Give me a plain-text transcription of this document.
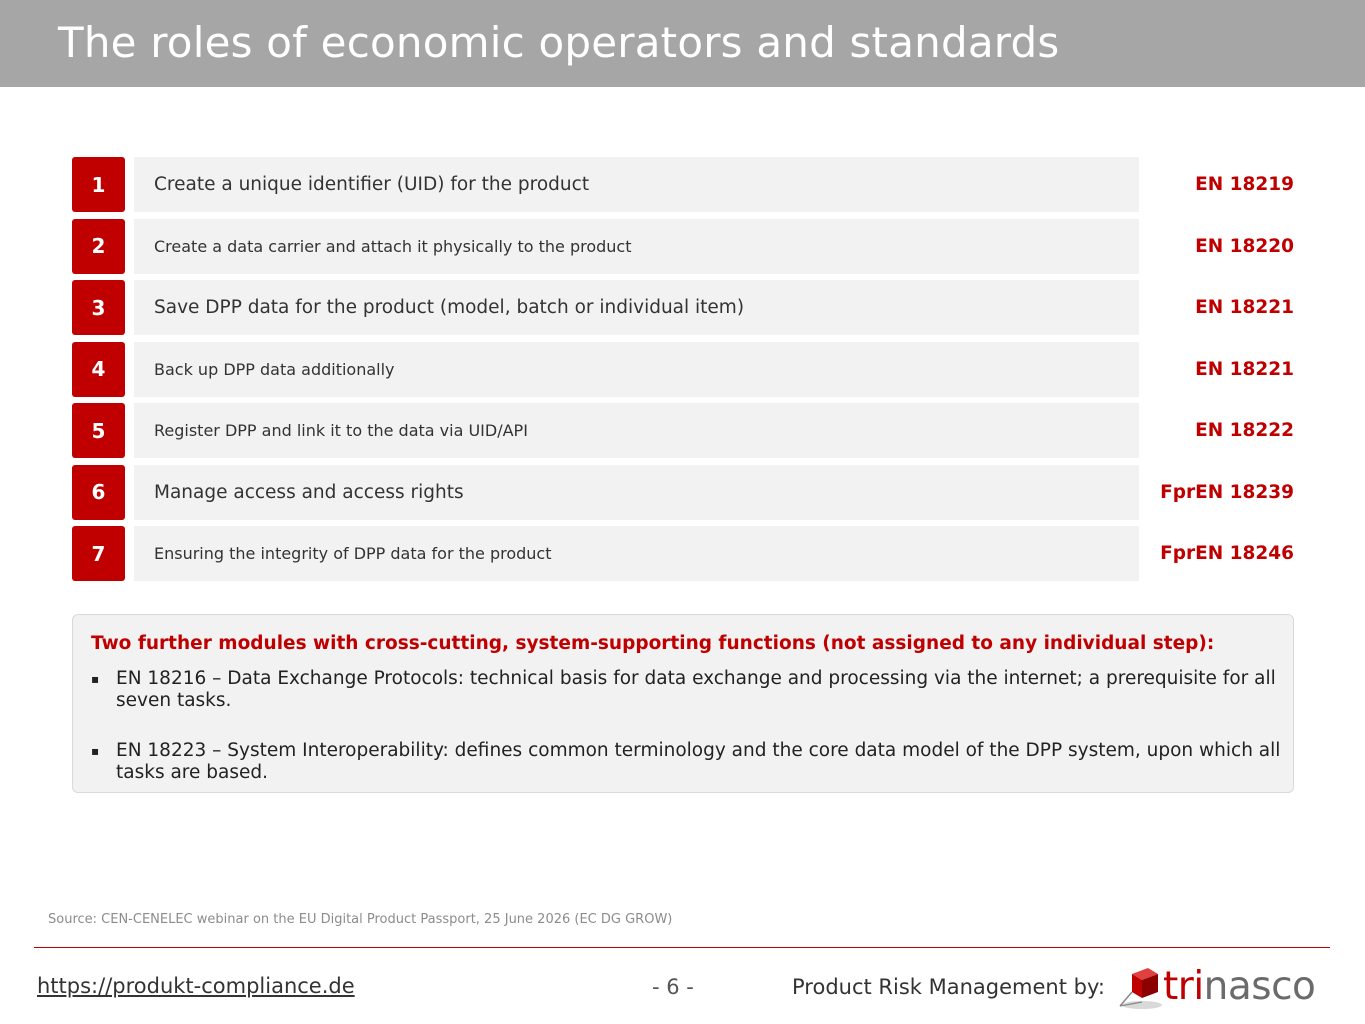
The roles of economic operators and standards
1	Create a unique identifier (UID) for the product	EN 18219
2	Create a data carrier and attach it physically to the product	EN 18220
3	Save DPP data for the product (model, batch or individual item)	EN 18221
4	Back up DPP data additionally	EN 18221
5	Register DPP and link it to the data via UID/API	EN 18222
6	Manage access and access rights	FprEN 18239
7	Ensuring the integrity of DPP data for the product	FprEN 18246
Two further modules with cross-cutting, system-supporting functions (not assigned to any individual step):
▪ EN 18216 – Data Exchange Protocols: technical basis for data exchange and processing via the internet; a prerequisite for all seven tasks.
▪ EN 18223 – System Interoperability: defines common terminology and the core data model of the DPP system, upon which all tasks are based.
Source: CEN-CENELEC webinar on the EU Digital Product Passport, 25 June 2026 (EC DG GROW)
https://produkt-compliance.de	- 6 -	Product Risk Management by: trinasco
